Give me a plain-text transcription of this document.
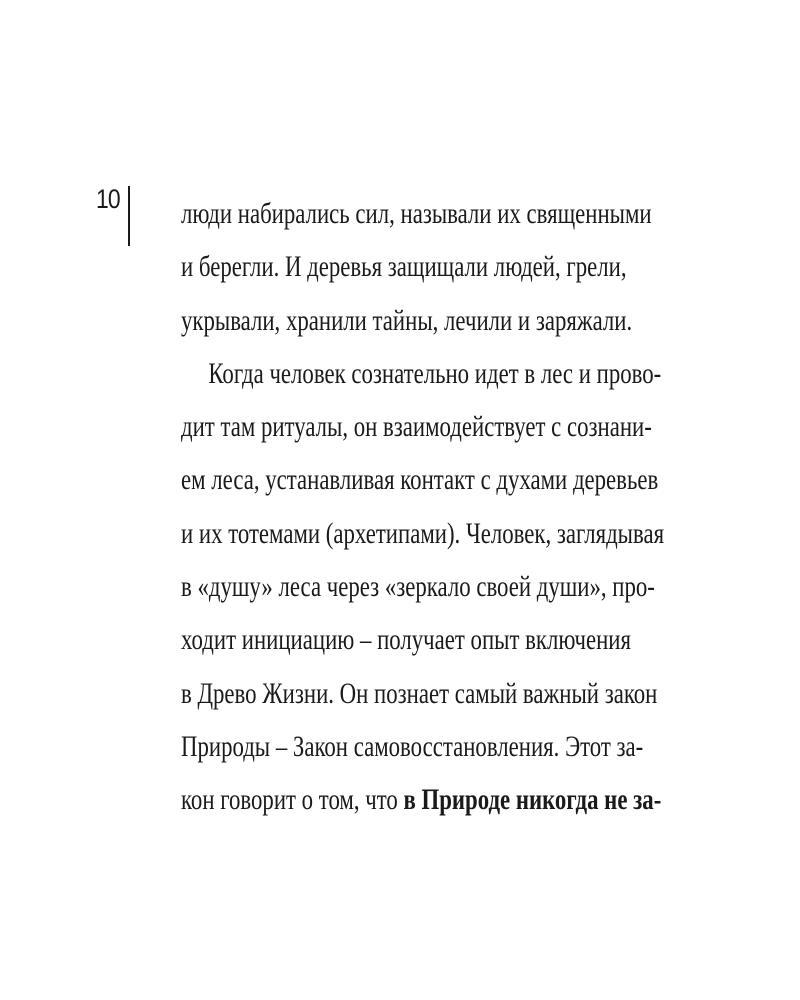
10 люди набирались сил, называли их священными
и берегли. И деревья защищали людей, грели,
укрывали, хранили тайны, лечили и заряжали.
Когда человек сознательно идет в лес и прово-
дит там ритуалы, он взаимодействует с сознани-
ем леса, устанавливая контакт с духами деревьев
и их тотемами (архетипами). Человек, заглядывая
в «душу» леса через «зеркало своей души», про-
ходит инициацию – получает опыт включения
в Древо Жизни. Он познает самый важный закон
Природы – Закон самовосстановления. Этот за-
кон говорит о том, что в Природе никогда не за-
